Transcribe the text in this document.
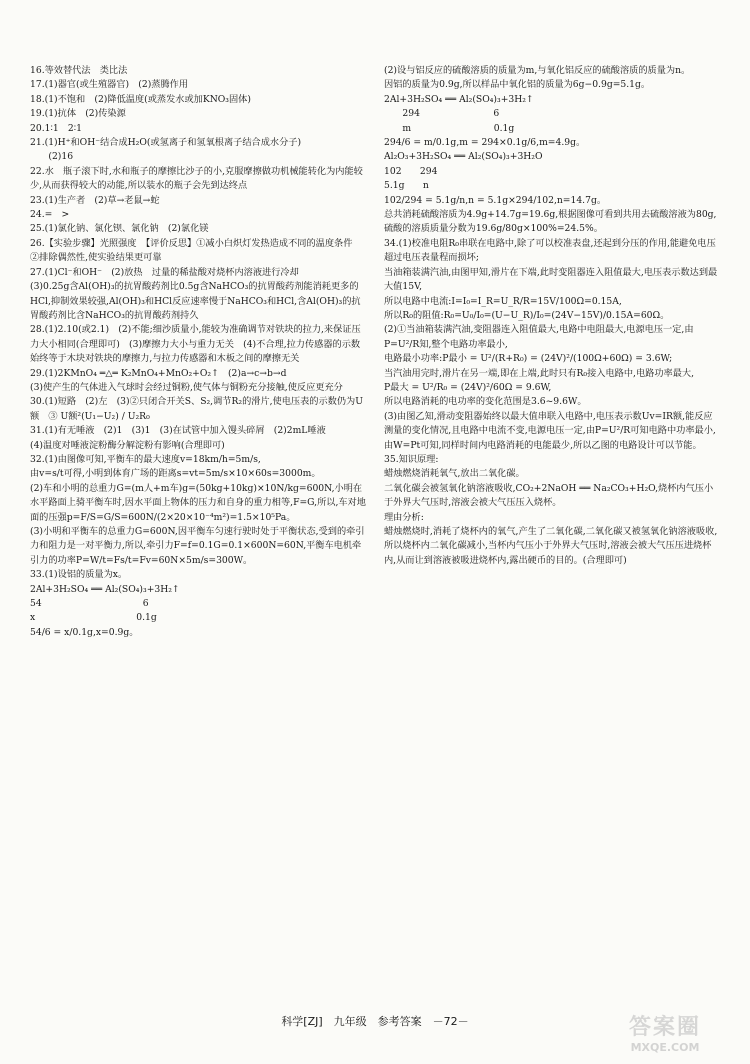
16.等效替代法　类比法

17.(1)器官(或生殖器官)　(2)蒸腾作用

18.(1)不饱和　(2)降低温度(或蒸发水或加KNO₃固体)

19.(1)抗体　(2)传染源

20.1∶1　2∶1

21.(1)H⁺和OH⁻结合成H₂O(或氢离子和氢氧根离子结合成水分子)

　　(2)16

22.水　瓶子滚下时,水和瓶子的摩擦比沙子的小,克服摩擦做功机械能转化为内能较少,从而获得较大的动能,所以装水的瓶子会先到达终点

23.(1)生产者　(2)草→老鼠→蛇

24.=　>

25.(1)氯化钠、氯化钡、氯化钠　(2)氯化镁

26.【实验步骤】光照强度　【评价反思】①减小白炽灯发热造成不同的温度条件　②排除偶然性,使实验结果更可靠

27.(1)Cl⁻和OH⁻　(2)放热　过量的稀盐酸对烧杯内溶液进行冷却

(3)0.25g含Al(OH)₃的抗胃酸药剂比0.5g含NaHCO₃的抗胃酸药剂能消耗更多的HCl,抑制效果较强,Al(OH)₃和HCl反应速率慢于NaHCO₃和HCl,含Al(OH)₃的抗胃酸药剂比含NaHCO₃的抗胃酸药剂持久

28.(1)2.10(或2.1)　(2)不能;细沙质量小,能较为准确调节对铁块的拉力,来保证压力大小相同(合理即可)　(3)摩擦力大小与重力无关　(4)不合理,拉力传感器的示数始终等于木块对铁块的摩擦力,与拉力传感器和木板之间的摩擦无关

29.(1)2KMnO₄ ═△═ K₂MnO₄+MnO₂+O₂↑　(2)a→c→b→d

(3)使产生的气体进入气球时会经过铜粉,使气体与铜粉充分接触,使反应更充分

30.(1)短路　(2)左　(3)②只闭合开关S、S₂,调节R₂的滑片,使电压表的示数仍为U额　③ U额²(U₁−U₂) / U₂R₀

31.(1)有无唾液　(2)1　(3)1　(3)在试管中加入馒头碎屑　(2)2mL唾液

(4)温度对唾液淀粉酶分解淀粉有影响(合理即可)

32.(1)由图像可知,平衡车的最大速度v=18km/h=5m/s,

由v=s/t可得,小明到体育广场的距离s=vt=5m/s×10×60s=3000m。

(2)车和小明的总重力G=(m人+m车)g=(50kg+10kg)×10N/kg=600N,小明在水平路面上骑平衡车时,因水平面上物体的压力和自身的重力相等,F=G,所以,车对地面的压强p=F/S=G/S=600N/(2×20×10⁻⁴m²)=1.5×10⁵Pa。

(3)小明和平衡车的总重力G=600N,因平衡车匀速行驶时处于平衡状态,受到的牵引力和阻力是一对平衡力,所以,牵引力F=f=0.1G=0.1×600N=60N,平衡车电机牵引力的功率P=W/t=Fs/t=Fv=60N×5m/s=300W。

33.(1)设铝的质量为x。

2Al+3H₂SO₄ ══ Al₂(SO₄)₃+3H₂↑

54　　　　　　　　　　　6

x　　　　　　　　　　　0.1g

54/6 = x/0.1g,x=0.9g。

(2)设与铝反应的硫酸溶质的质量为m,与氧化铝反应的硫酸溶质的质量为n。

因铝的质量为0.9g,所以样品中氧化铝的质量为6g−0.9g=5.1g。

2Al+3H₂SO₄ ══ Al₂(SO₄)₃+3H₂↑

　　294　　　　　　　　6

　　m　　　　　　　　　0.1g

294/6 = m/0.1g,m = 294×0.1g/6,m=4.9g。

Al₂O₃+3H₂SO₄ ══ Al₂(SO₄)₃+3H₂O

102　　294

5.1g　　n

102/294 = 5.1g/n,n = 5.1g×294/102,n=14.7g。

总共消耗硫酸溶质为4.9g+14.7g=19.6g,根据图像可看到共用去硫酸溶液为80g,硫酸的溶质质量分数为19.6g/80g×100%=24.5%。

34.(1)校准电阻R₀串联在电路中,除了可以校准表盘,还起到分压的作用,能避免电压超过电压表量程而损坏;

当油箱装满汽油,由图甲知,滑片在下端,此时变阻器连入阻值最大,电压表示数达到最大值15V,

所以电路中电流:I=I₀=I_R=U_R/R=15V/100Ω=0.15A,

所以R₀的阻值:R₀=U₀/I₀=(U−U_R)/I₀=(24V−15V)/0.15A=60Ω。

(2)①当油箱装满汽油,变阻器连入阻值最大,电路中电阻最大,电源电压一定,由P=U²/R知,整个电路功率最小,

电路最小功率:P最小 = U²/(R+R₀) = (24V)²/(100Ω+60Ω) = 3.6W;

当汽油用完时,滑片在另一端,即在上端,此时只有R₀接入电路中,电路功率最大,

P最大 = U²/R₀ = (24V)²/60Ω = 9.6W,

所以电路消耗的电功率的变化范围是3.6~9.6W。

(3)由图乙知,滑动变阻器始终以最大值串联入电路中,电压表示数Uv=IR额,能反应测量的变化情况,且电路中电流不变,电源电压一定,由P=U²/R可知电路中功率最小,由W=Pt可知,同样时间内电路消耗的电能最少,所以乙图的电路设计可以节能。

35.知识原理:

蜡烛燃烧消耗氧气,放出二氧化碳。

二氧化碳会被氢氧化钠溶液吸收,CO₂+2NaOH ══ Na₂CO₃+H₂O,烧杯内气压小于外界大气压时,溶液会被大气压压入烧杯。

理由分析:

蜡烛燃烧时,消耗了烧杯内的氧气,产生了二氧化碳,二氧化碳又被氢氧化钠溶液吸收,所以烧杯内二氧化碳减小,当杯内气压小于外界大气压时,溶液会被大气压压进烧杯内,从而让到溶液被吸进烧杯内,露出硬币的目的。(合理即可)

科学[ZJ]　九年级　参考答案　－72－	答案圈
MXQE.COM
